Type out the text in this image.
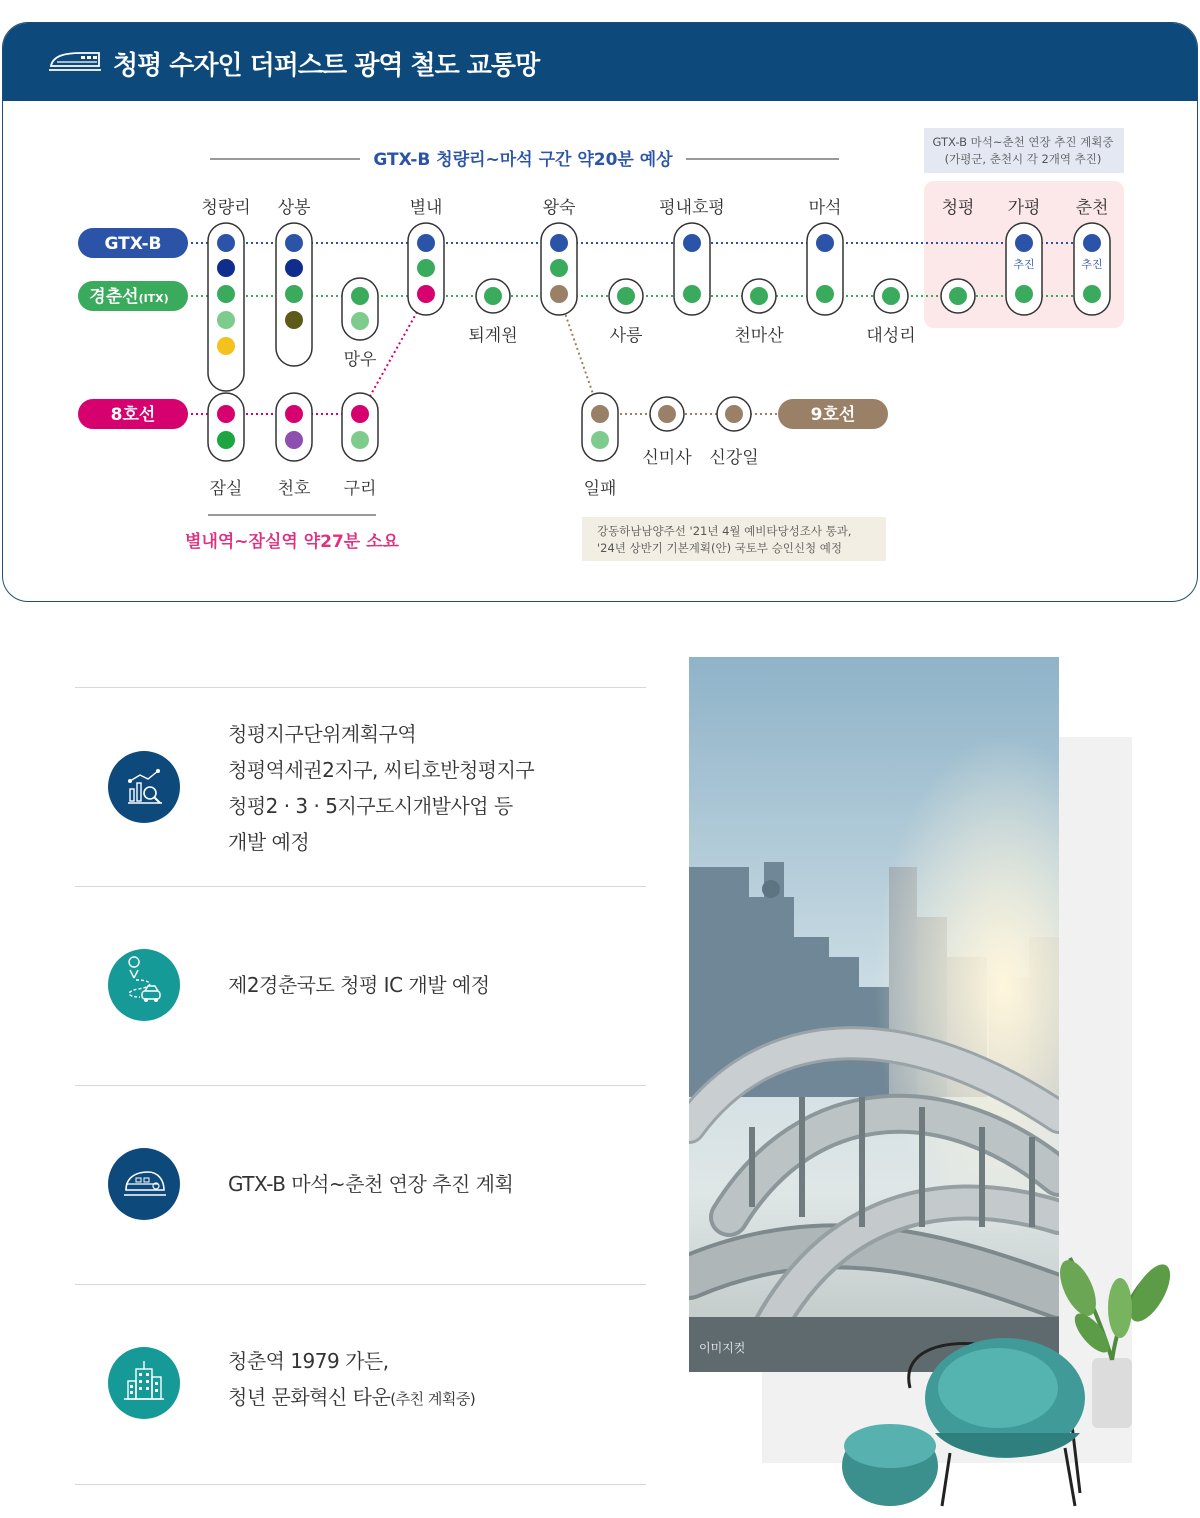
청평 수자인 더퍼스트 광역 철도 교통망
GTX-B 마석~춘천 연장 추진 계획중
(가평군, 춘천시 각 2개역 추진)
GTX-B 청량리~마석 구간 약20분 예상
GTX-B
경춘선(ITX)
8호선	9호선
추진	추진
청량리 상봉	별내	왕숙	평내호평	마석	청평 가평 춘천
퇴계원	사릉	천마산	대성리
망우
잠실 천호 구리	일패
신미사 신강일
별내역~잠실역 약27분 소요
강동하남남양주선 '21년 4월 예비타당성조사 통과,
'24년 상반기 기본계획(안) 국토부 승인신청 예정
청평지구단위계획구역
청평역세권2지구, 씨티호반청평지구
청평2 · 3 · 5지구도시개발사업 등
개발 예정
제2경춘국도 청평 IC 개발 예정
GTX-B 마석~춘천 연장 추진 계획
청춘역 1979 가든,
청년 문화혁신 타운(추친 계획중)
이미지컷
